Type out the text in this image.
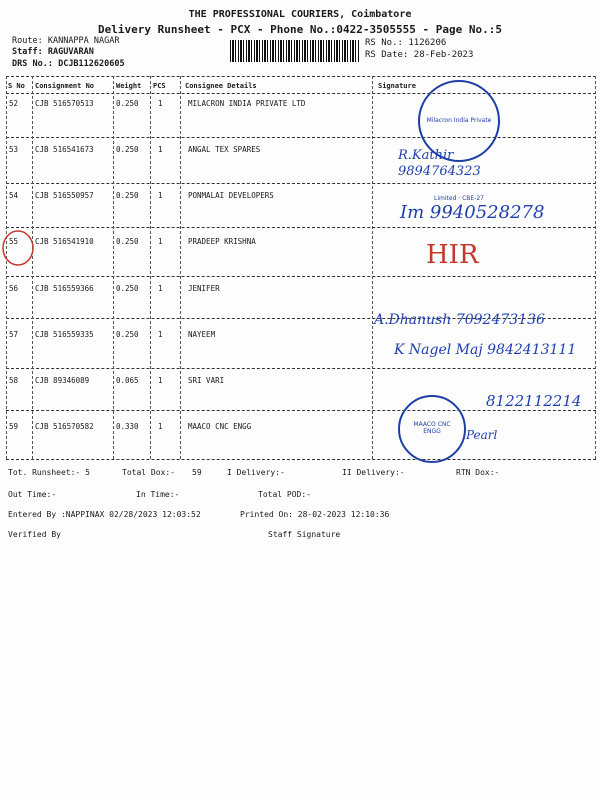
THE PROFESSIONAL COURIERS, Coimbatore
Delivery Runsheet - PCX - Phone No.:0422-3505555 - Page No.:5
Route: KANNAPPA NAGAR
Staff: RAGUVARAN
DRS No.: DCJB112620605
RS No.: 1126206
RS Date: 28-Feb-2023
S No Consignment No	Weight PCS	Consignee Details	Signature
52 CJB 516570513	0.250	1	MILACRON INDIA PRIVATE LTD
53 CJB 516541673	0.250	1	ANGAL TEX SPARES
54 CJB 516550957	0.250	1	PONMALAI DEVELOPERS
55 CJB 516541910	0.250	1	PRADEEP KRISHNA
56 CJB 516559366	0.250	1	JENIFER
57 CJB 516559335	0.250	1	NAYEEM
58 CJB 89346089	0.065	1	SRI VARI
59 CJB 516570582	0.330	1	MAACO CNC ENGG
Milacron India Private Limited · CBE-27
MAACO CNC ENGG
R.Kathir
9894764323
Im 9940528278
HIR
A.Dhanush 7092473136
K Nagel Maj 9842413111
8122112214
Pearl
Tot. Runsheet:- 5	Total Dox:- 59	I Delivery:-	II Delivery:-	RTN Dox:-
Out Time:-	In Time:-	Total POD:-
Entered By :NAPPINAX 02/28/2023 12:03:52	Printed On: 28-02-2023 12:10:36
Verified By	Staff Signature
